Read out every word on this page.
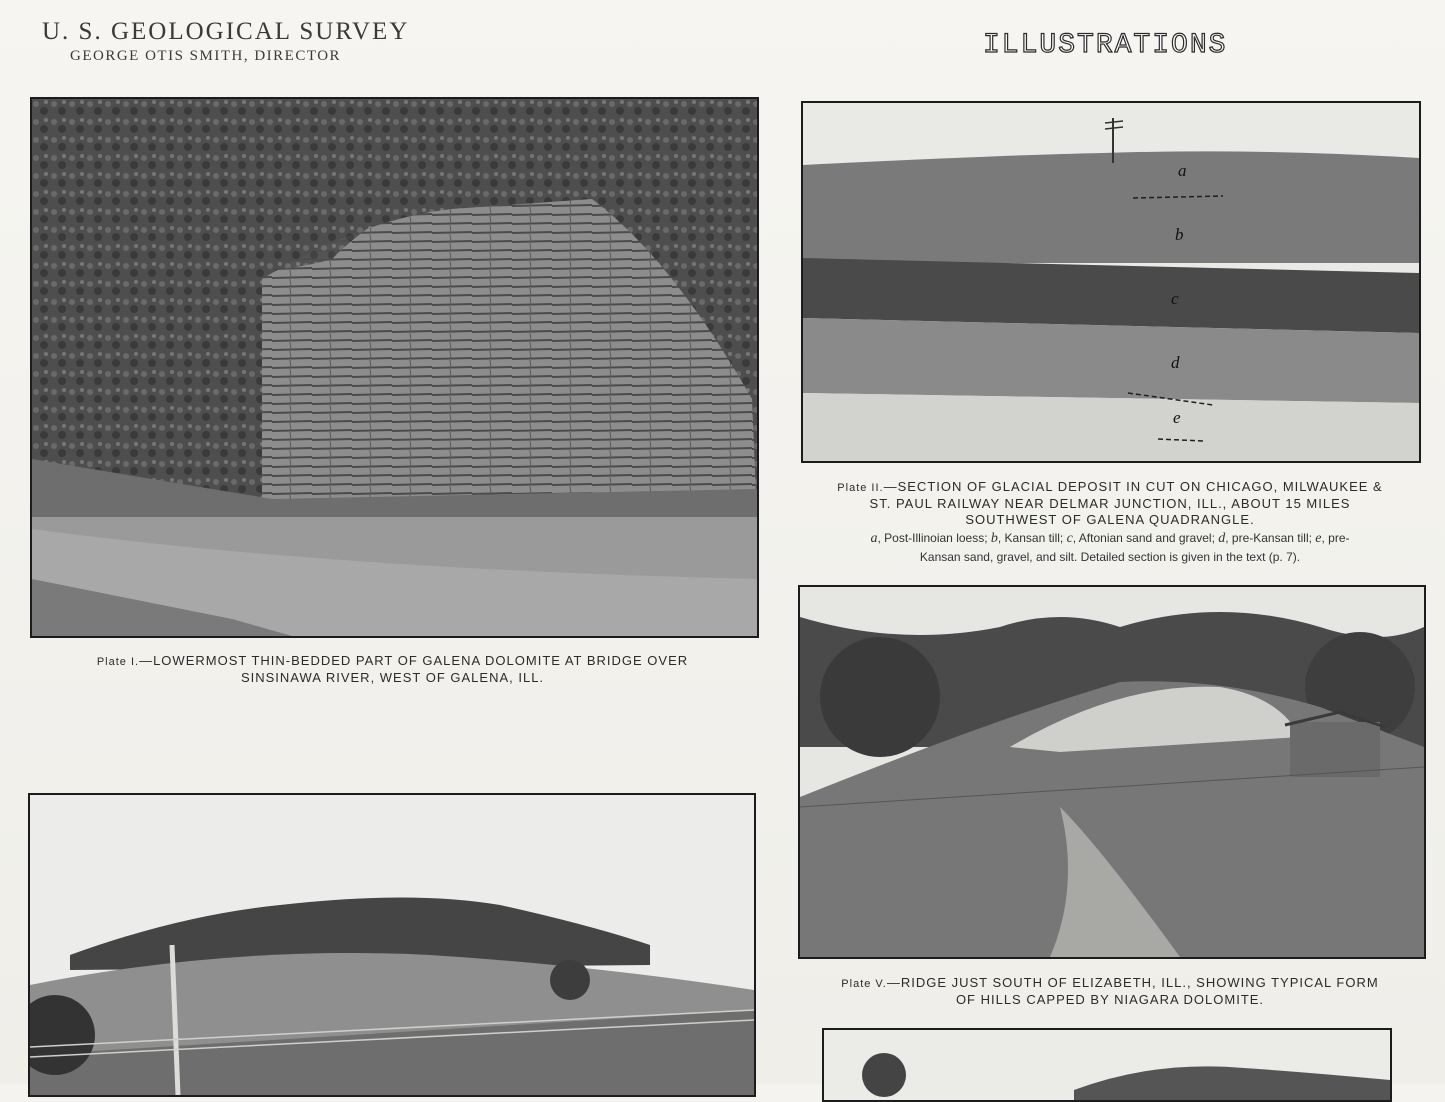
U. S. GEOLOGICAL SURVEY
GEORGE OTIS SMITH, DIRECTOR	ILLUSTRATIONS
Plate I.—LOWERMOST THIN-BEDDED PART OF GALENA DOLOMITE AT BRIDGE OVER
SINSINAWA RIVER, WEST OF GALENA, ILL.
a
b
c
d
e
Plate II.—SECTION OF GLACIAL DEPOSIT IN CUT ON CHICAGO, MILWAUKEE &
ST. PAUL RAILWAY NEAR DELMAR JUNCTION, ILL., ABOUT 15 MILES
SOUTHWEST OF GALENA QUADRANGLE.
a, Post-Illinoian loess; b, Kansan till; c, Aftonian sand and gravel; d, pre-Kansan till; e, pre-
Kansan sand, gravel, and silt. Detailed section is given in the text (p. 7).
Plate V.—RIDGE JUST SOUTH OF ELIZABETH, ILL., SHOWING TYPICAL FORM
OF HILLS CAPPED BY NIAGARA DOLOMITE.
